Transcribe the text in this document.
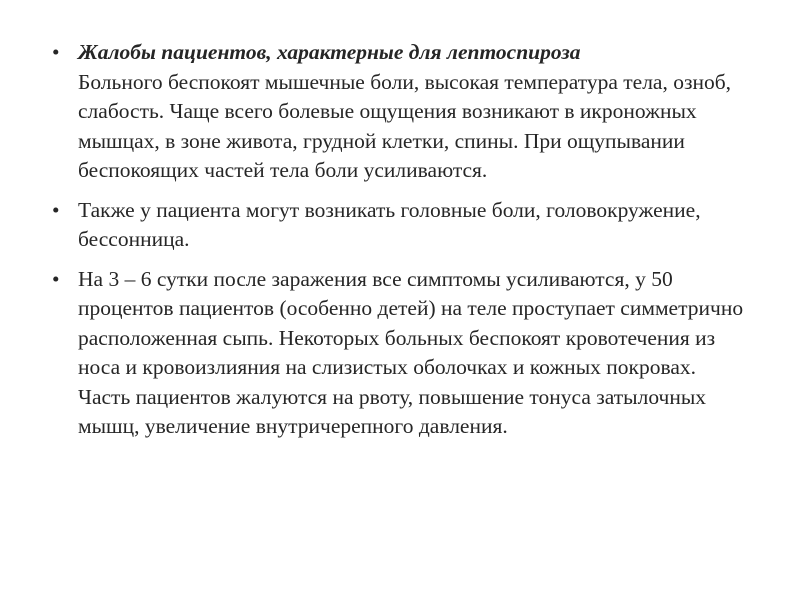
• Жалобы пациентов, характерные для лептоспироза
Больного беспокоят мышечные боли, высокая температура тела, озноб, слабость. Чаще всего болевые ощущения возникают в икроножных мышцах, в зоне живота, грудной клетки, спины. При ощупывании беспокоящих частей тела боли усиливаются.
• Также у пациента могут возникать головные боли, головокружение, бессонница.
• На 3 – 6 сутки после заражения все симптомы усиливаются, у 50 процентов пациентов (особенно детей) на теле проступает симметрично расположенная сыпь. Некоторых больных беспокоят кровотечения из носа и кровоизлияния на слизистых оболочках и кожных покровах. Часть пациентов жалуются на рвоту, повышение тонуса затылочных мышц, увеличение внутричерепного давления.
